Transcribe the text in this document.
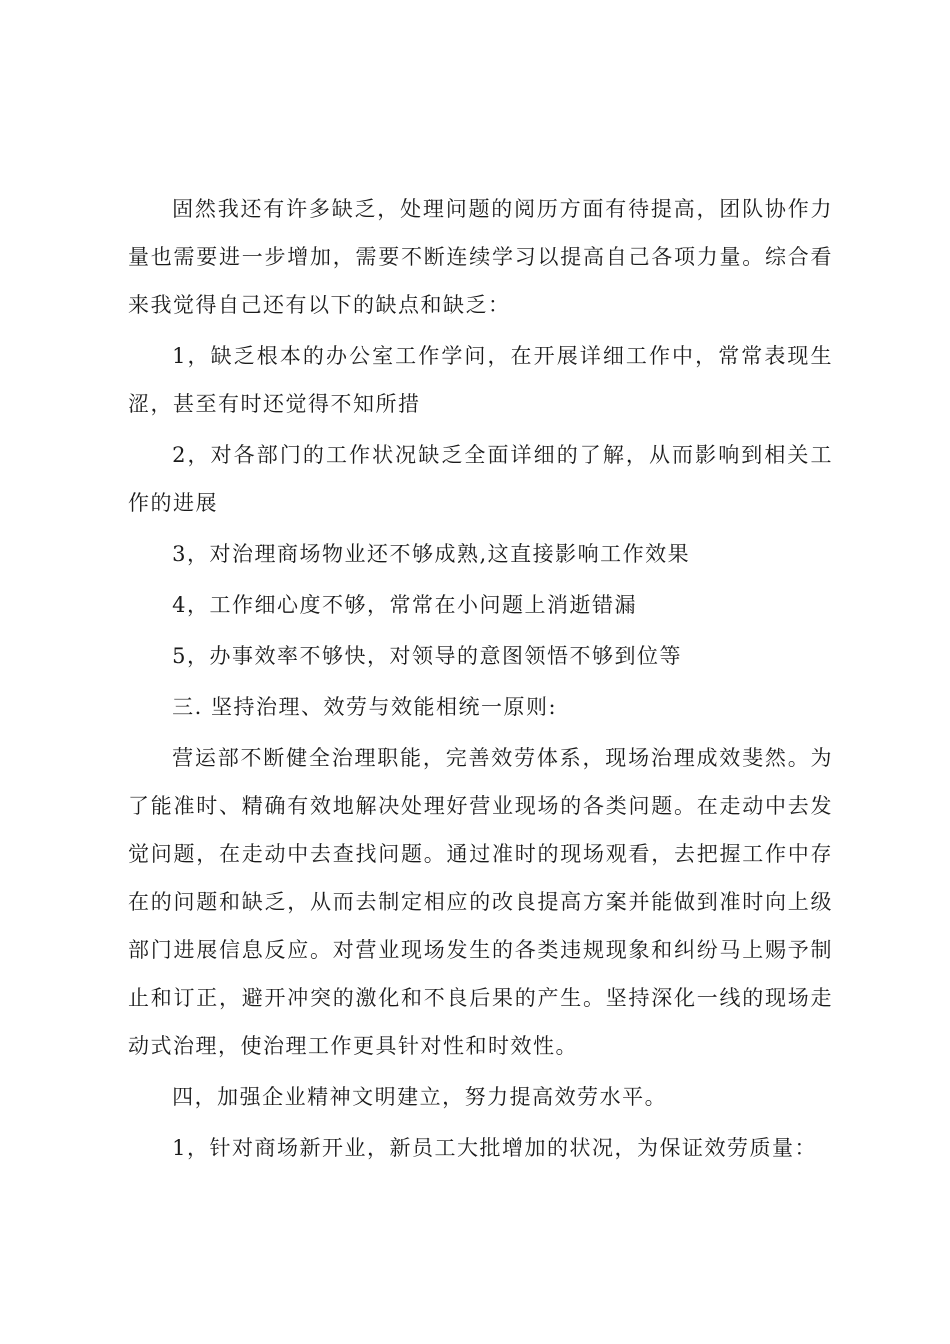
固然我还有许多缺乏，处理问题的阅历方面有待提高，团队协作力量也需要进一步增加，需要不断连续学习以提高自己各项力量。综合看来我觉得自己还有以下的缺点和缺乏：

1，缺乏根本的办公室工作学问，在开展详细工作中，常常表现生涩，甚至有时还觉得不知所措

2，对各部门的工作状况缺乏全面详细的了解，从而影响到相关工作的进展

3，对治理商场物业还不够成熟,这直接影响工作效果

4，工作细心度不够，常常在小问题上消逝错漏

5，办事效率不够快，对领导的意图领悟不够到位等

三. 坚持治理、效劳与效能相统一原则:

营运部不断健全治理职能，完善效劳体系，现场治理成效斐然。为了能准时、精确有效地解决处理好营业现场的各类问题。在走动中去发觉问题，在走动中去查找问题。通过准时的现场观看，去把握工作中存在的问题和缺乏，从而去制定相应的改良提高方案并能做到准时向上级部门进展信息反应。对营业现场发生的各类违规现象和纠纷马上赐予制止和订正，避开冲突的激化和不良后果的产生。坚持深化一线的现场走动式治理，使治理工作更具针对性和时效性。

四，加强企业精神文明建立，努力提高效劳水平。

1，针对商场新开业，新员工大批增加的状况，为保证效劳质量：
